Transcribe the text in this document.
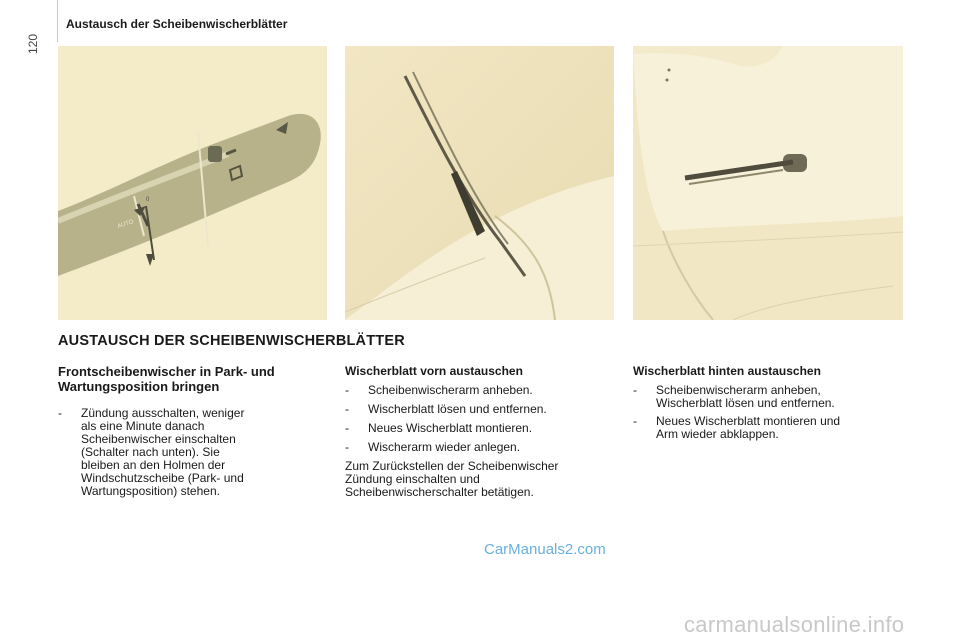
120
Austausch der Scheibenwischerblätter
AUTO
0
AUSTAUSCH DER SCHEIBENWISCHERBLÄTTER
Frontscheibenwischer in Park- und
Wartungsposition bringen
- Zündung ausschalten, weniger
als eine Minute danach
Scheibenwischer einschalten
(Schalter nach unten). Sie
bleiben an den Holmen der
Windschutzscheibe (Park- und
Wartungsposition) stehen.
Wischerblatt vorn austauschen
- Scheibenwischerarm anheben.
- Wischerblatt lösen und entfernen.
- Neues Wischerblatt montieren.
- Wischerarm wieder anlegen.
Zum Zurückstellen der Scheibenwischer
Zündung einschalten und
Scheibenwischerschalter betätigen.
Wischerblatt hinten austauschen
- Scheibenwischerarm anheben,
Wischerblatt lösen und entfernen.
- Neues Wischerblatt montieren und
Arm wieder abklappen.
CarManuals2.com
carmanualsonline.info
